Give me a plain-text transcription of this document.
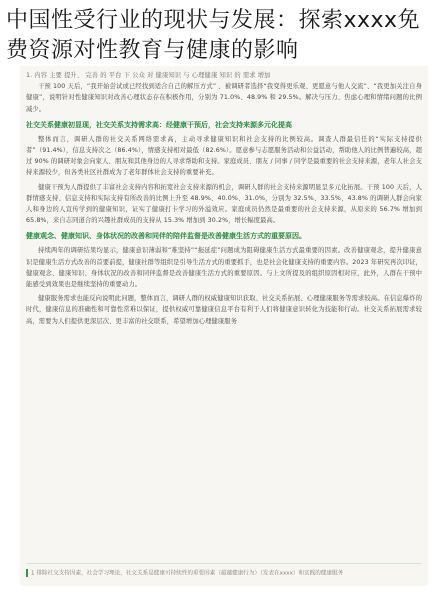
中国性受行业的现状与发展：探索xxxx免费资源对性教育与健康的影响

1. 内容 主要 提升、 完善 的 平台 下 公众 对 健康知识 与 心理健康 知识 的 需求 增加

干预 100 天后，“我开始尝试或已经找到适合自己的解压方式” 、被调研者选择“我变得更乐观、更愿意与他人交流”、“我更加关注自身健康”，说明针对性健康知识对改善心理状态存在积极作用，分别为 71.0%、48.9% 和 29.5%。解决与压力、焦虑心理和情绪问题的比例减少。

社交关系健康初显现，社交关系支持需求高：经健康干预后，社会支持来源多元化提高

整体而言，调研人群的社交关系网络需求高，主动寻求健康知识和社会支持的比例较高。调查人群最信任的“实际支持提供者”（91.4%），信息支持次之（86.4%），情感支持相对最低（82.6%）。愿意参与志愿服务活动和公益活动，帮助他人的比例普遍较高，超过 90% 的调研对象会向家人、朋友和其他身边的人寻求帮助和支持。家庭成员、朋友 / 同事 / 同学是最重要的社会支持来源，老年人社会支持来源较少，但各类社区社群成为了老年群体社会支持的重要补充。

健康干预为人群提供了丰富社会支持内容和拓宽社会支持来源的机会，调研人群的社会支持来源明显呈多元化拓展。干预 100 天后，人群情感支持、信息支持和实际支持有所改善的比例上升至 48.9%、40.0%、31.0%，分别为 32.5%、33.5%、43.8% 的调研人群会向家人和身边的人宣传学到的健康知识，证实了健康打卡学习的外溢效应。家庭成员仍然是最重要的社会支持来源，从原来的 56.7% 增加到 65.8%，来自志同道合的兴趣社群成员的支持从 15.3% 增加到 30.2%，增长幅度最高。

健康观念、健康知识、身体状况的改善和同伴的陪伴监督是改善健康生活方式的重要原因。

持续两年的调研结果均显示，健康意识薄弱和“难坚持”“拖延症”问题成为阻碍健康生活方式最重要的因素。改善健康观念，提升健康意识是健康生活方式改善的首要前提，健康社群等组织是引导生活方式的重要抓手，也是社会化健康支持的重要内容。2023 年研究再次印证，健康观念、健康知识、身体状况的改善和同伴监督是改善健康生活方式的重要原因。与上文所提及的组织原因相对应，此外，人群在干预中能感受到效果也是继续坚持的重要动力。

健康服务需求也能反向说明此问题，整体而言，调研人群的权威健康知识获取、社交关系拓展、心理健康服务等需求较高。在信息爆炸的时代，健康信息的准确性和可靠性常难以保证，提供权威可靠健康信息平台有利于人们将健康意识转化为技能和行动。社交关系拓展需求较高，需要为人们提供更深层次、更丰富的社交联系，希望增加心理健康服务

1 排除社交支持因素，社会学习理论，社交关系是健康可持续性的重要因素（超越健康行为）（发表在xxxx）和实践的健康服务
